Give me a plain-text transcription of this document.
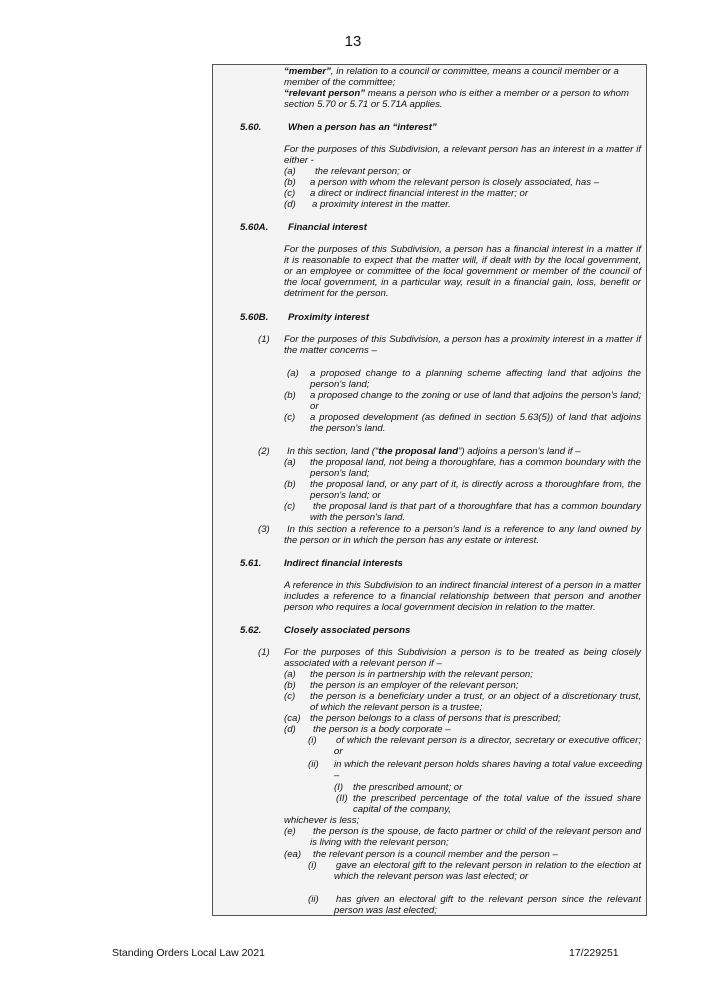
13
“member”, in relation to a council or committee, means a council member or a
member of the committee;
“relevant person” means a person who is either a member or a person to whom
section 5.70 or 5.71 or 5.71A applies.
5.60.	When a person has an “interest”
For the purposes of this Subdivision, a relevant person has an interest in a matter if
either -
(a) the relevant person; or
(b) a person with whom the relevant person is closely associated, has –
(c) a direct or indirect financial interest in the matter; or
(d) a proximity interest in the matter.
5.60A. Financial interest
For the purposes of this Subdivision, a person has a financial interest in a matter if
it is reasonable to expect that the matter will, if dealt with by the local government,
or an employee or committee of the local government or member of the council of
the local government, in a particular way, result in a financial gain, loss, benefit or
detriment for the person.
5.60B. Proximity interest
(1) For the purposes of this Subdivision, a person has a proximity interest in a matter if
the matter concerns –
(a) a proposed change to a planning scheme affecting land that adjoins the
person's land;
(b) a proposed change to the zoning or use of land that adjoins the person's land;
or
(c) a proposed development (as defined in section 5.63(5)) of land that adjoins
the person's land.
(2) In this section, land (“the proposal land”) adjoins a person's land if –
(a) the proposal land, not being a thoroughfare, has a common boundary with the
person's land;
(b) the proposal land, or any part of it, is directly across a thoroughfare from, the
person's land; or
(c) the proposal land is that part of a thoroughfare that has a common boundary
with the person's land.
(3) In this section a reference to a person's land is a reference to any land owned by
the person or in which the person has any estate or interest.
5.61. Indirect financial interests
A reference in this Subdivision to an indirect financial interest of a person in a matter
includes a reference to a financial relationship between that person and another
person who requires a local government decision in relation to the matter.
5.62. Closely associated persons
(1) For the purposes of this Subdivision a person is to be treated as being closely
associated with a relevant person if –
(a) the person is in partnership with the relevant person;
(b) the person is an employer of the relevant person;
(c) the person is a beneficiary under a trust, or an object of a discretionary trust,
of which the relevant person is a trustee;
(ca) the person belongs to a class of persons that is prescribed;
(d) the person is a body corporate –
(i) of which the relevant person is a director, secretary or executive officer;
or
(ii) in which the relevant person holds shares having a total value exceeding
–
(I) the prescribed amount; or
(II) the prescribed percentage of the total value of the issued share
capital of the company,
whichever is less;
(e) the person is the spouse, de facto partner or child of the relevant person and
is living with the relevant person;
(ea) the relevant person is a council member and the person –
(i) gave an electoral gift to the relevant person in relation to the election at
which the relevant person was last elected; or
(ii) has given an electoral gift to the relevant person since the relevant
person was last elected;
Standing Orders Local Law 2021	17/229251
